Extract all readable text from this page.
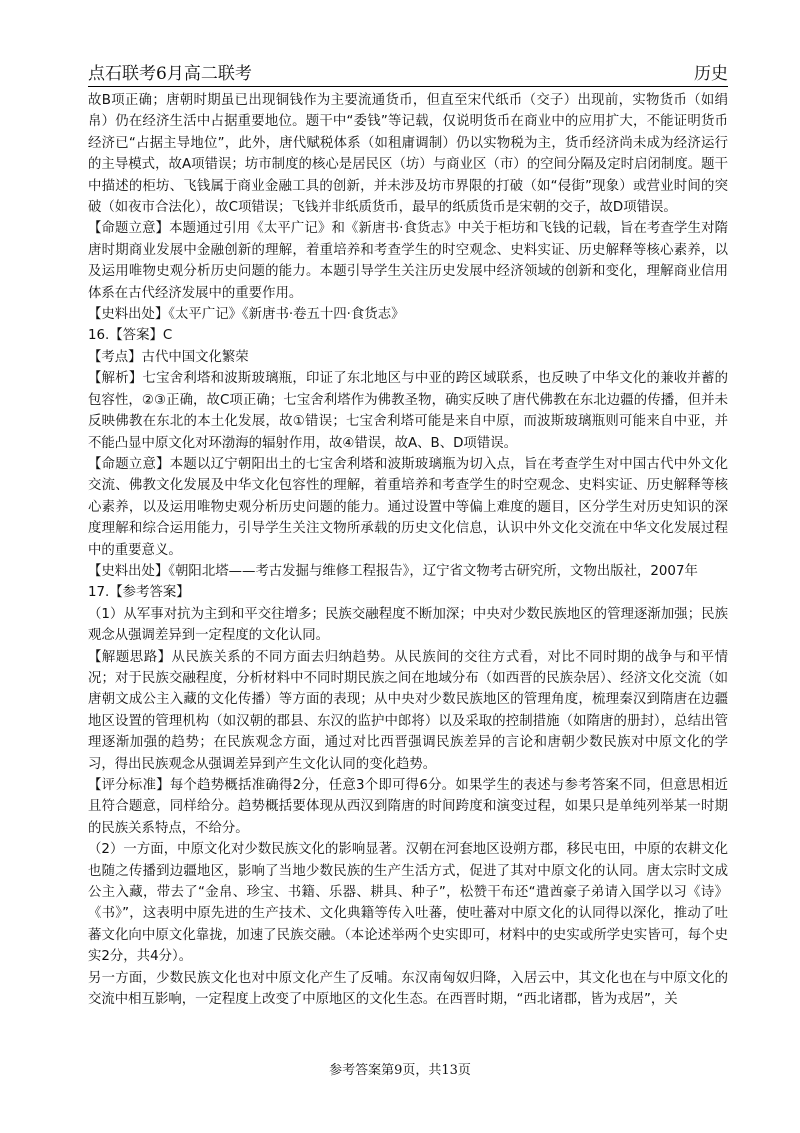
点石联考6月高二联考	历史

故B项正确；唐朝时期虽已出现铜钱作为主要流通货币，但直至宋代纸币（交子）出现前，实物货币（如绢帛）仍在经济生活中占据重要地位。题干中“委钱”等记载，仅说明货币在商业中的应用扩大，不能证明货币经济已“占据主导地位”，此外，唐代赋税体系（如租庸调制）仍以实物税为主，货币经济尚未成为经济运行的主导模式，故A项错误；坊市制度的核心是居民区（坊）与商业区（市）的空间分隔及定时启闭制度。题干中描述的柜坊、飞钱属于商业金融工具的创新，并未涉及坊市界限的打破（如“侵街”现象）或营业时间的突破（如夜市合法化），故C项错误；飞钱并非纸质货币，最早的纸质货币是宋朝的交子，故D项错误。

【命题立意】本题通过引用《太平广记》和《新唐书·食货志》中关于柜坊和飞钱的记载，旨在考查学生对隋唐时期商业发展中金融创新的理解，着重培养和考查学生的时空观念、史料实证、历史解释等核心素养，以及运用唯物史观分析历史问题的能力。本题引导学生关注历史发展中经济领域的创新和变化，理解商业信用体系在古代经济发展中的重要作用。

【史料出处】《太平广记》《新唐书·卷五十四·食货志》

16.【答案】C

【考点】古代中国文化繁荣

【解析】七宝舍利塔和波斯玻璃瓶，印证了东北地区与中亚的跨区域联系，也反映了中华文化的兼收并蓄的包容性，②③正确，故C项正确；七宝舍利塔作为佛教圣物，确实反映了唐代佛教在东北边疆的传播，但并未反映佛教在东北的本土化发展，故①错误；七宝舍利塔可能是来自中原，而波斯玻璃瓶则可能来自中亚，并不能凸显中原文化对环渤海的辐射作用，故④错误，故A、B、D项错误。

【命题立意】本题以辽宁朝阳出土的七宝舍利塔和波斯玻璃瓶为切入点，旨在考查学生对中国古代中外文化交流、佛教文化发展及中华文化包容性的理解，着重培养和考查学生的时空观念、史料实证、历史解释等核心素养，以及运用唯物史观分析历史问题的能力。通过设置中等偏上难度的题目，区分学生对历史知识的深度理解和综合运用能力，引导学生关注文物所承载的历史文化信息，认识中外文化交流在中华文化发展过程中的重要意义。

【史料出处】《朝阳北塔——考古发掘与维修工程报告》，辽宁省文物考古研究所，文物出版社，2007年

17.【参考答案】

（1）从军事对抗为主到和平交往增多；民族交融程度不断加深；中央对少数民族地区的管理逐渐加强；民族观念从强调差异到一定程度的文化认同。

【解题思路】从民族关系的不同方面去归纳趋势。从民族间的交往方式看，对比不同时期的战争与和平情况；对于民族交融程度，分析材料中不同时期民族之间在地域分布（如西晋的民族杂居）、经济文化交流（如唐朝文成公主入藏的文化传播）等方面的表现；从中央对少数民族地区的管理角度，梳理秦汉到隋唐在边疆地区设置的管理机构（如汉朝的郡县、东汉的监护中郎将）以及采取的控制措施（如隋唐的册封），总结出管理逐渐加强的趋势；在民族观念方面，通过对比西晋强调民族差异的言论和唐朝少数民族对中原文化的学习，得出民族观念从强调差异到产生文化认同的变化趋势。

【评分标准】每个趋势概括准确得2分，任意3个即可得6分。如果学生的表述与参考答案不同，但意思相近且符合题意，同样给分。趋势概括要体现从西汉到隋唐的时间跨度和演变过程，如果只是单纯列举某一时期的民族关系特点，不给分。

（2）一方面，中原文化对少数民族文化的影响显著。汉朝在河套地区设朔方郡，移民屯田，中原的农耕文化也随之传播到边疆地区，影响了当地少数民族的生产生活方式，促进了其对中原文化的认同。唐太宗时文成公主入藏，带去了“金帛、珍宝、书籍、乐器、耕具、种子”，松赞干布还“遣酋豪子弟请入国学以习《诗》《书》”，这表明中原先进的生产技术、文化典籍等传入吐蕃，使吐蕃对中原文化的认同得以深化，推动了吐蕃文化向中原文化靠拢，加速了民族交融。（本论述举两个史实即可，材料中的史实或所学史实皆可，每个史实2分，共4分）。

另一方面，少数民族文化也对中原文化产生了反哺。东汉南匈奴归降，入居云中，其文化也在与中原文化的交流中相互影响，一定程度上改变了中原地区的文化生态。在西晋时期，“西北诸郡，皆为戎居”，关

参考答案第9页，共13页
